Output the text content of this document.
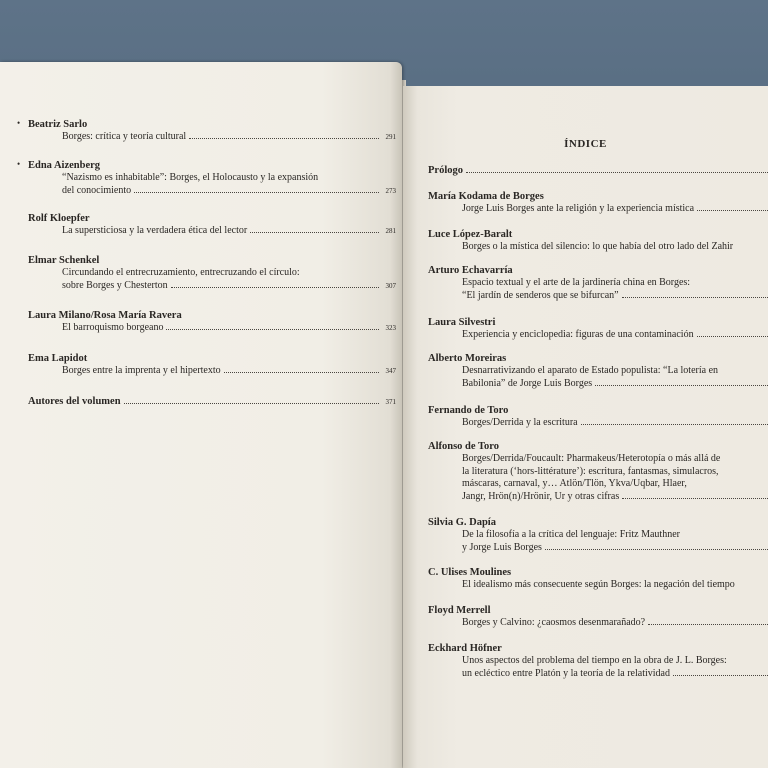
• Beatriz Sarlo
Borges: crítica y teoría cultural	291
• Edna Aizenberg
“Nazismo es inhabitable”: Borges, el Holocausto y la expansión
del conocimiento	273
Rolf Kloepfer
La supersticiosa y la verdadera ética del lector	281
Elmar Schenkel
Circundando el entrecruzamiento, entrecruzando el círculo:
sobre Borges y Chesterton	307
Laura Milano/Rosa María Ravera
El barroquismo borgeano	323
Ema Lapidot
Borges entre la imprenta y el hipertexto	347
Autores del volumen	371
ÍNDICE
Prólogo
María Kodama de Borges
Jorge Luis Borges ante la religión y la experiencia mística
Luce López-Baralt
Borges o la mística del silencio: lo que había del otro lado del Zahir
Arturo Echavarría
Espacio textual y el arte de la jardinería china en Borges:
“El jardín de senderos que se bifurcan”
Laura Silvestri
Experiencia y enciclopedia: figuras de una contaminación
Alberto Moreiras
Desnarrativizando el aparato de Estado populista: “La lotería en
Babilonia” de Jorge Luis Borges
Fernando de Toro
Borges/Derrida y la escritura
Alfonso de Toro
Borges/Derrida/Foucault: Pharmakeus/Heterotopía o más allá de
la literatura (‘hors-littérature’): escritura, fantasmas, simulacros,
máscaras, carnaval, y… Atlön/Tlön, Ykva/Uqbar, Hlaer,
Jangr, Hrön(n)/Hrönir, Ur y otras cifras
Silvia G. Dapía
De la filosofía a la crítica del lenguaje: Fritz Mauthner
y Jorge Luis Borges
C. Ulises Moulines
El idealismo más consecuente según Borges: la negación del tiempo
Floyd Merrell
Borges y Calvino: ¿caosmos desenmarañado?
Eckhard Höfner
Unos aspectos del problema del tiempo en la obra de J. L. Borges:
un ecléctico entre Platón y la teoría de la relatividad
